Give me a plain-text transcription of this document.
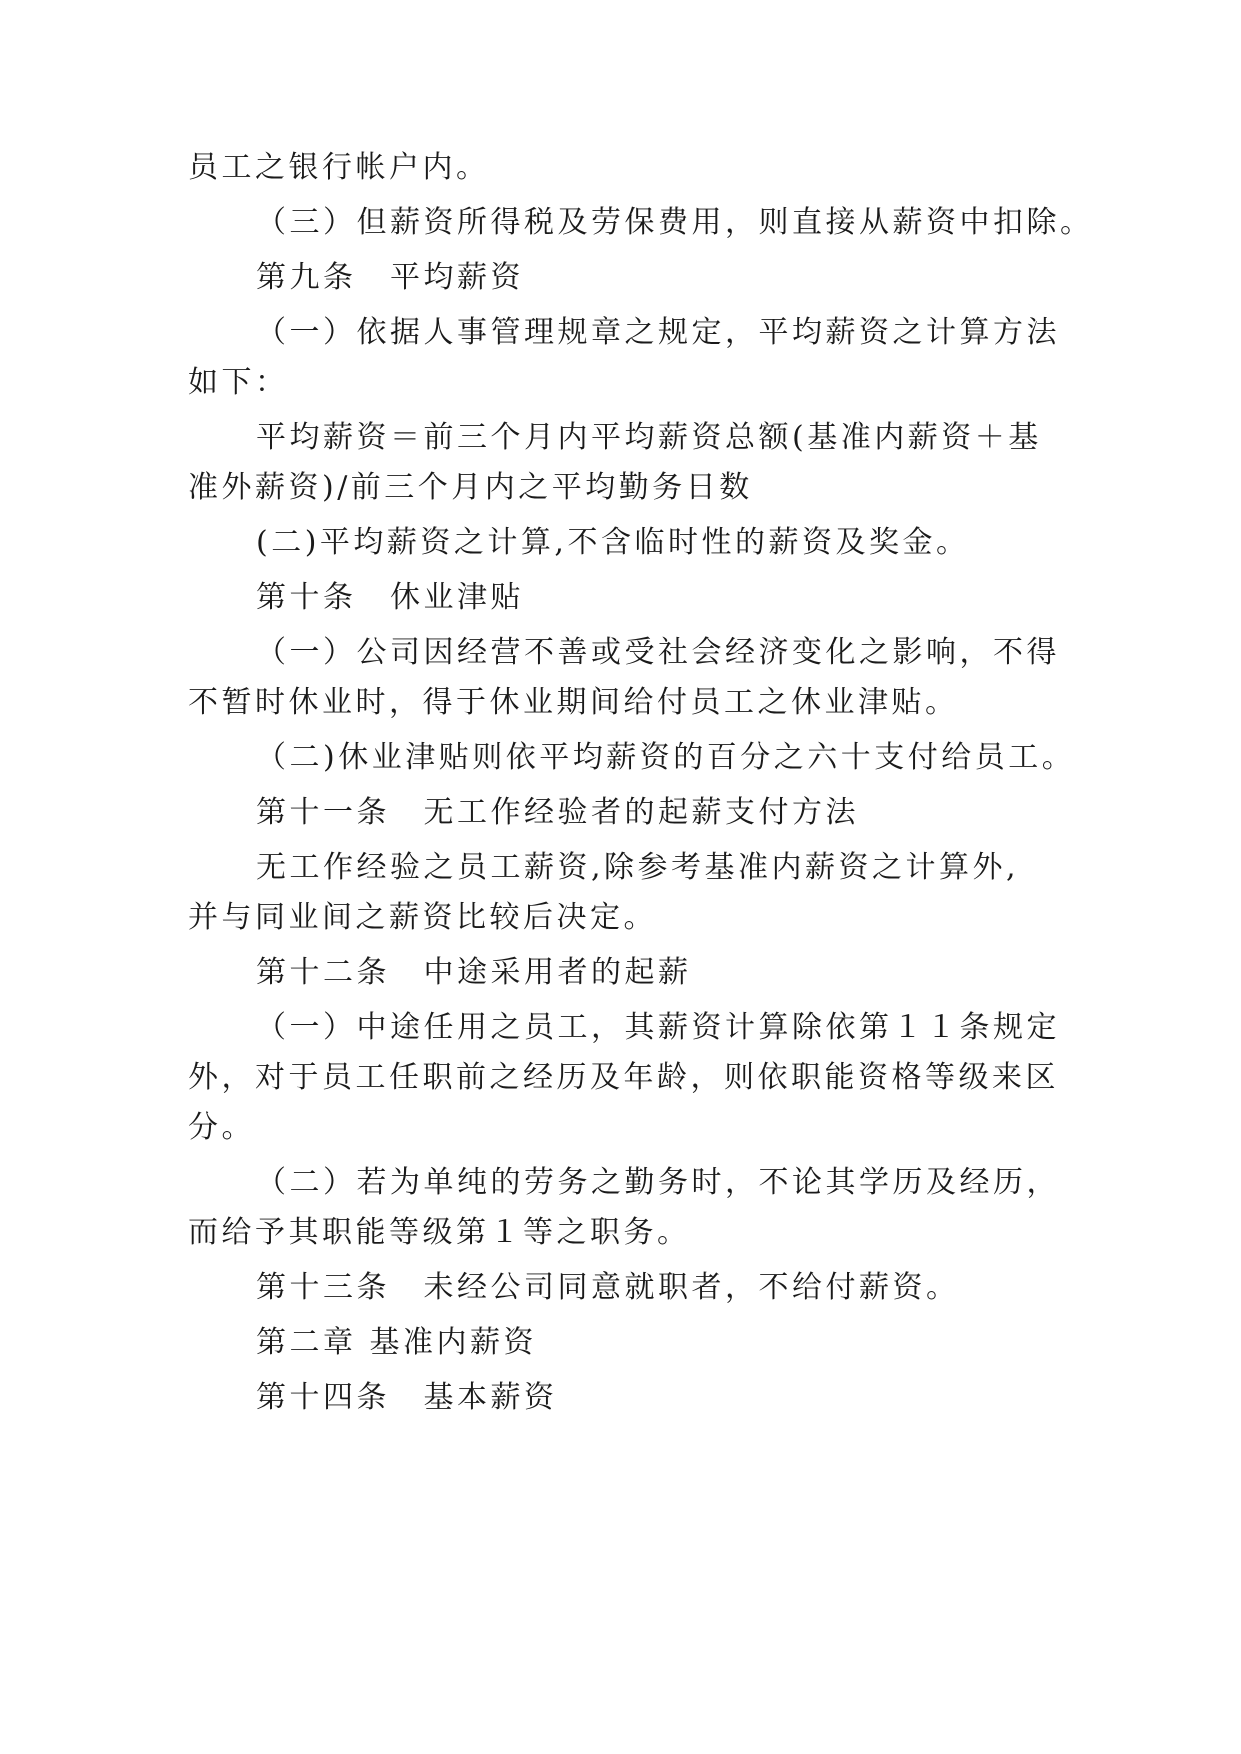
员工之银行帐户内。
（三）但薪资所得税及劳保费用，则直接从薪资中扣除。
第九条　平均薪资
（一）依据人事管理规章之规定，平均薪资之计算方法
如下：
平均薪资＝前三个月内平均薪资总额(基准内薪资＋基
准外薪资)/前三个月内之平均勤务日数
(二)平均薪资之计算,不含临时性的薪资及奖金。
第十条　休业津贴
（一）公司因经营不善或受社会经济变化之影响，不得
不暂时休业时，得于休业期间给付员工之休业津贴。
（二)休业津贴则依平均薪资的百分之六十支付给员工。
第十一条　无工作经验者的起薪支付方法
无工作经验之员工薪资,除参考基准内薪资之计算外,
并与同业间之薪资比较后决定。
第十二条　中途采用者的起薪
（一）中途任用之员工，其薪资计算除依第１１条规定
外，对于员工任职前之经历及年龄，则依职能资格等级来区
分。
（二）若为单纯的劳务之勤务时，不论其学历及经历，
而给予其职能等级第１等之职务。
第十三条　未经公司同意就职者，不给付薪资。
第二章 基准内薪资
第十四条　基本薪资
